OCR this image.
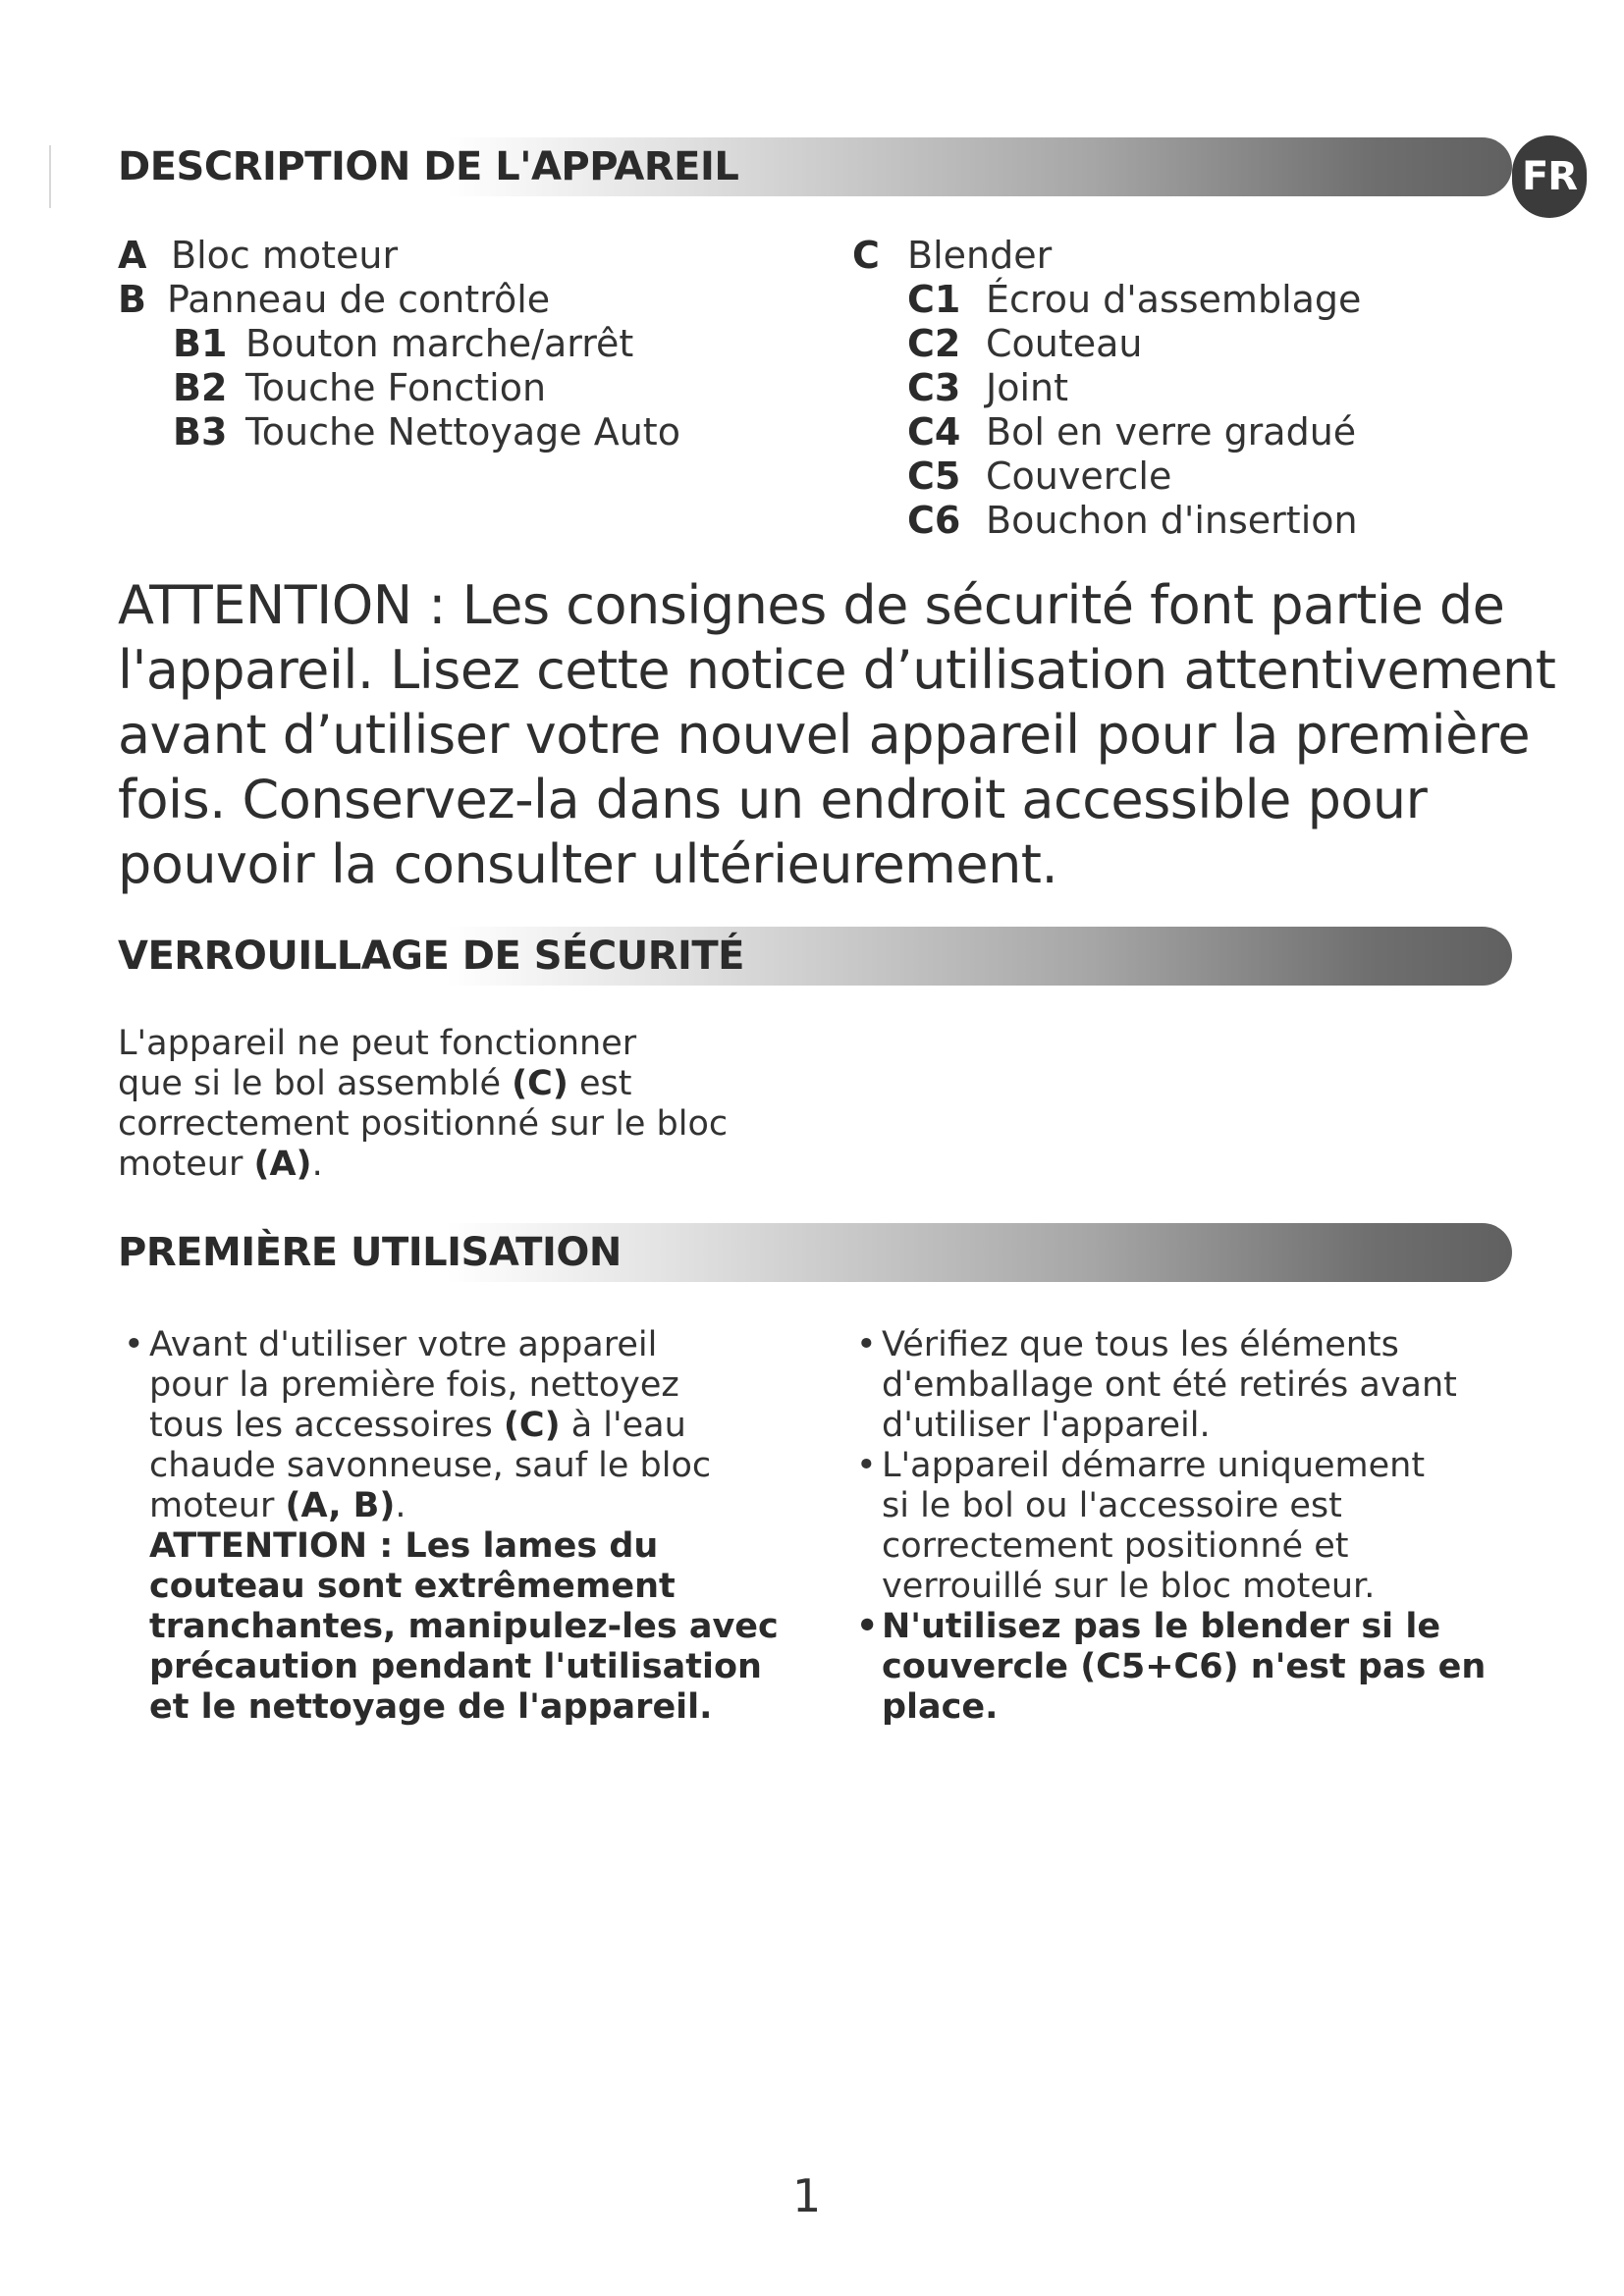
DESCRIPTION DE L'APPAREIL	FR
A Bloc moteur
B Panneau de contrôle
B1 Bouton marche/arrêt
B2 Touche Fonction
B3 Touche Nettoyage Auto
C Blender
C1 Écrou d'assemblage
C2 Couteau
C3 Joint
C4 Bol en verre gradué
C5 Couvercle
C6 Bouchon d'insertion
ATTENTION : Les consignes de sécurité font partie de
l'appareil. Lisez cette notice d’utilisation attentivement
avant d’utiliser votre nouvel appareil pour la première
fois. Conservez-la dans un endroit accessible pour
pouvoir la consulter ultérieurement.
VERROUILLAGE DE SÉCURITÉ
L'appareil ne peut fonctionner
que si le bol assemblé (C) est
correctement positionné sur le bloc
moteur (A).
PREMIÈRE UTILISATION
• Avant d'utiliser votre appareil
pour la première fois, nettoyez
tous les accessoires (C) à l'eau
chaude savonneuse, sauf le bloc
moteur (A, B).
ATTENTION : Les lames du
couteau sont extrêmement
tranchantes, manipulez-les avec
précaution pendant l'utilisation
et le nettoyage de l'appareil.
• Vérifiez que tous les éléments
d'emballage ont été retirés avant
d'utiliser l'appareil.
• L'appareil démarre uniquement
si le bol ou l'accessoire est
correctement positionné et
verrouillé sur le bloc moteur.
• N'utilisez pas le blender si le
couvercle (C5+C6) n'est pas en
place.
1
